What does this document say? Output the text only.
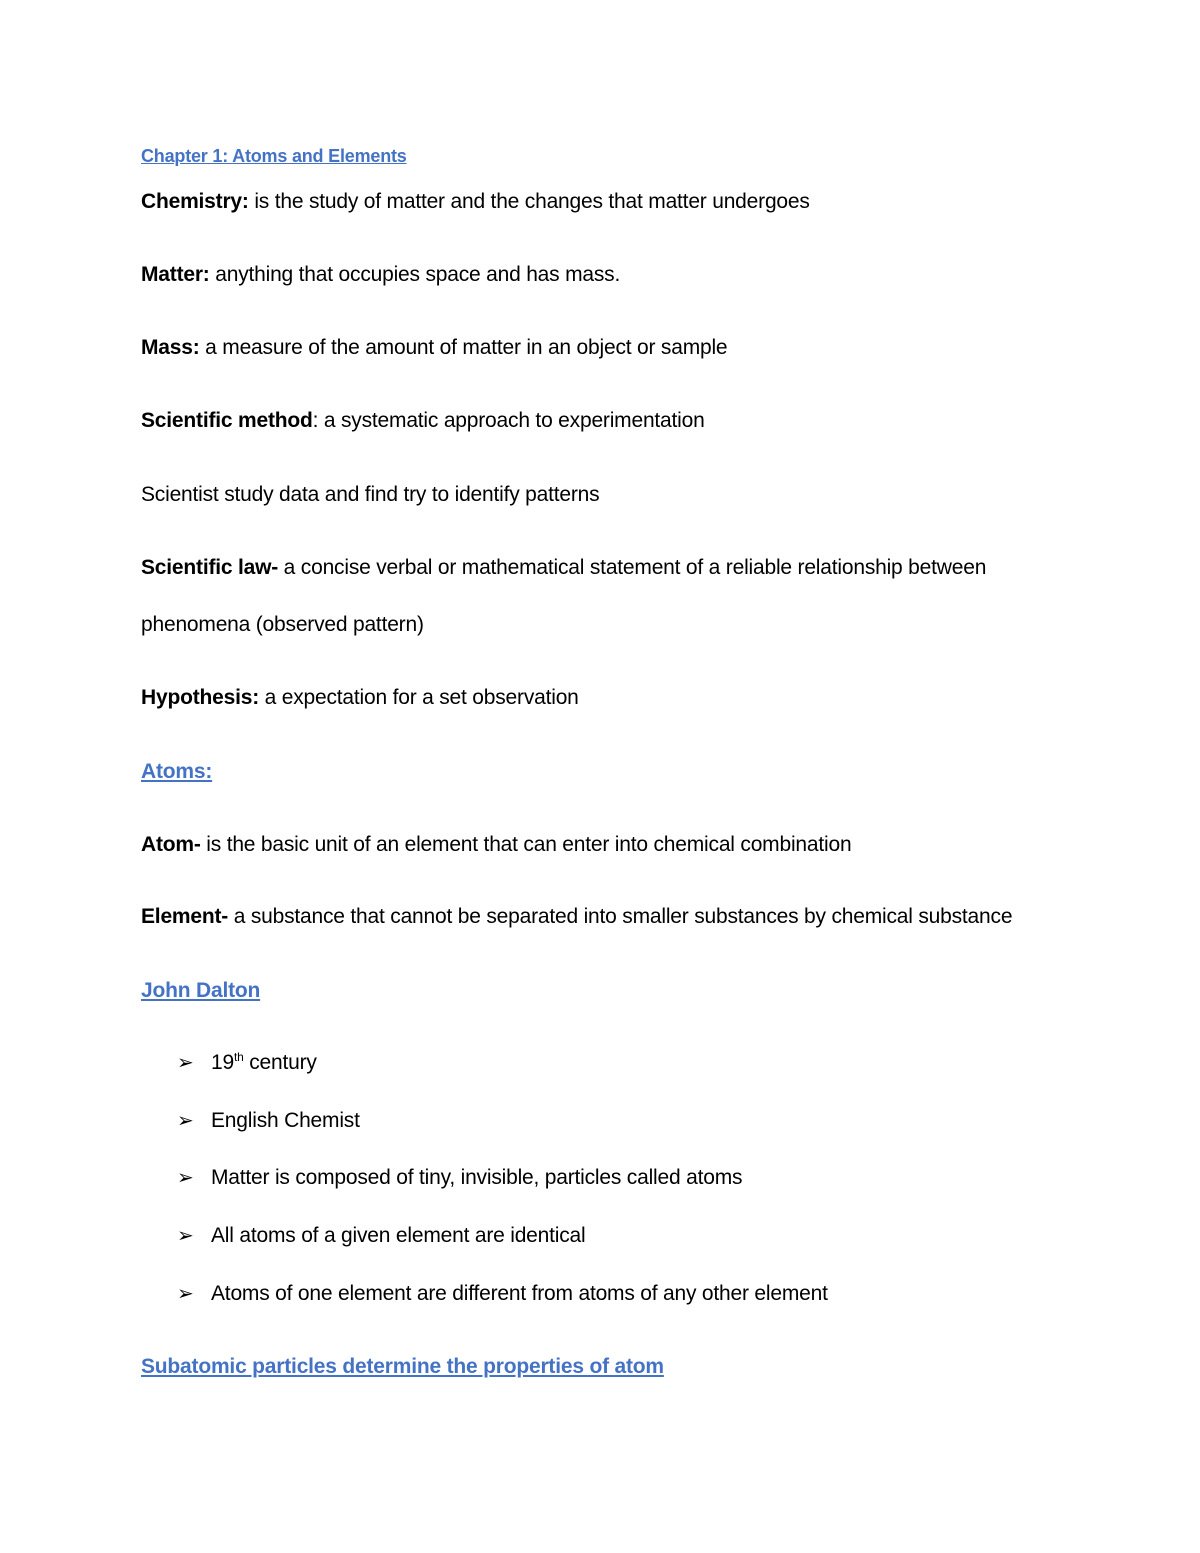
Chapter 1: Atoms and Elements
Chemistry: is the study of matter and the changes that matter undergoes
Matter: anything that occupies space and has mass.
Mass: a measure of the amount of matter in an object or sample
Scientific method: a systematic approach to experimentation
Scientist study data and find try to identify patterns
Scientific law- a concise verbal or mathematical statement of a reliable relationship between
phenomena (observed pattern)
Hypothesis: a expectation for a set observation
Atoms:
Atom- is the basic unit of an element that can enter into chemical combination
Element- a substance that cannot be separated into smaller substances by chemical substance
John Dalton
➢ 19th century
➢ English Chemist
➢ Matter is composed of tiny, invisible, particles called atoms
➢ All atoms of a given element are identical
➢ Atoms of one element are different from atoms of any other element
Subatomic particles determine the properties of atom
